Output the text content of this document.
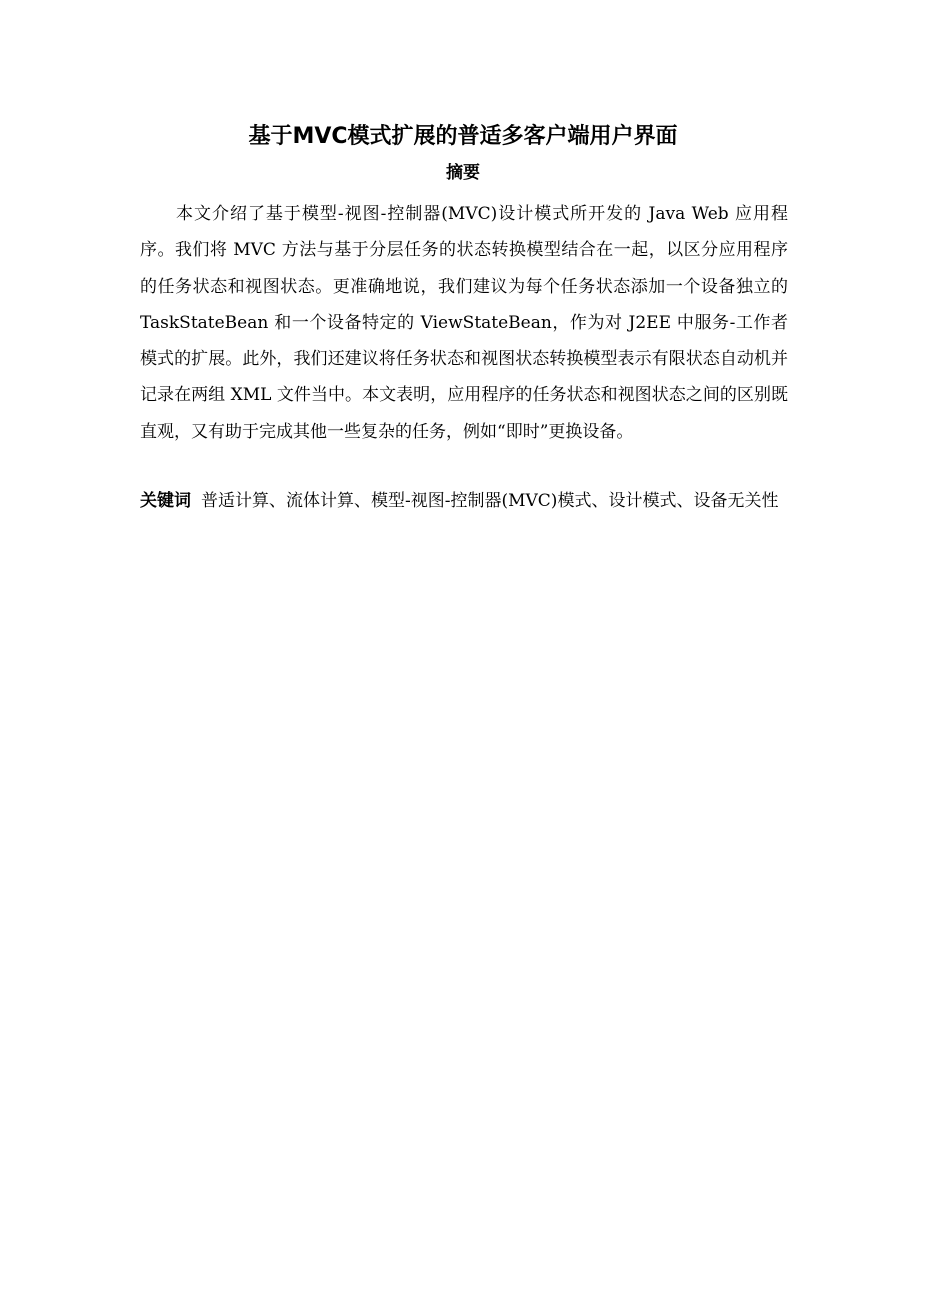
基于MVC模式扩展的普适多客户端用户界面
摘要

本文介绍了基于模型-视图-控制器(MVC)设计模式所开发的 Java Web 应用程序。我们将 MVC 方法与基于分层任务的状态转换模型结合在一起，以区分应用程序的任务状态和视图状态。更准确地说，我们建议为每个任务状态添加一个设备独立的 TaskStateBean 和一个设备特定的 ViewStateBean，作为对 J2EE 中服务-工作者模式的扩展。此外，我们还建议将任务状态和视图状态转换模型表示有限状态自动机并记录在两组 XML 文件当中。本文表明，应用程序的任务状态和视图状态之间的区别既直观，又有助于完成其他一些复杂的任务，例如“即时”更换设备。

关键词 普适计算、流体计算、模型-视图-控制器(MVC)模式、设计模式、设备无关性
